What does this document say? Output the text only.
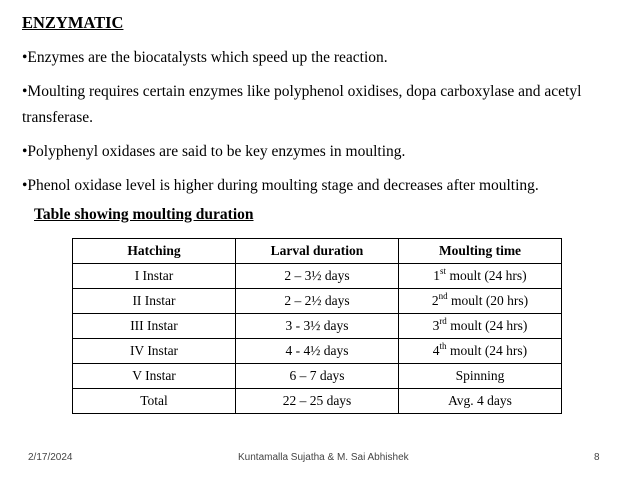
ENZYMATIC

•Enzymes are the biocatalysts which speed up the reaction.

•Moulting requires certain enzymes like polyphenol oxidises, dopa carboxylase and acetyl transferase.

•Polyphenyl oxidases are said to be key enzymes in moulting.

•Phenol oxidase level is higher during moulting stage and decreases after moulting.

Table showing moulting duration
Hatching	Larval duration	Moulting time
I Instar	2 – 3½ days	1st moult (24 hrs)
II Instar	2 – 2½ days	2nd moult (20 hrs)
III Instar	3 - 3½ days	3rd moult (24 hrs)
IV Instar	4 - 4½ days	4th moult (24 hrs)
V Instar	6 – 7 days	Spinning
Total	22 – 25 days	Avg. 4 days
2/17/2024	Kuntamalla Sujatha & M. Sai Abhishek	8
